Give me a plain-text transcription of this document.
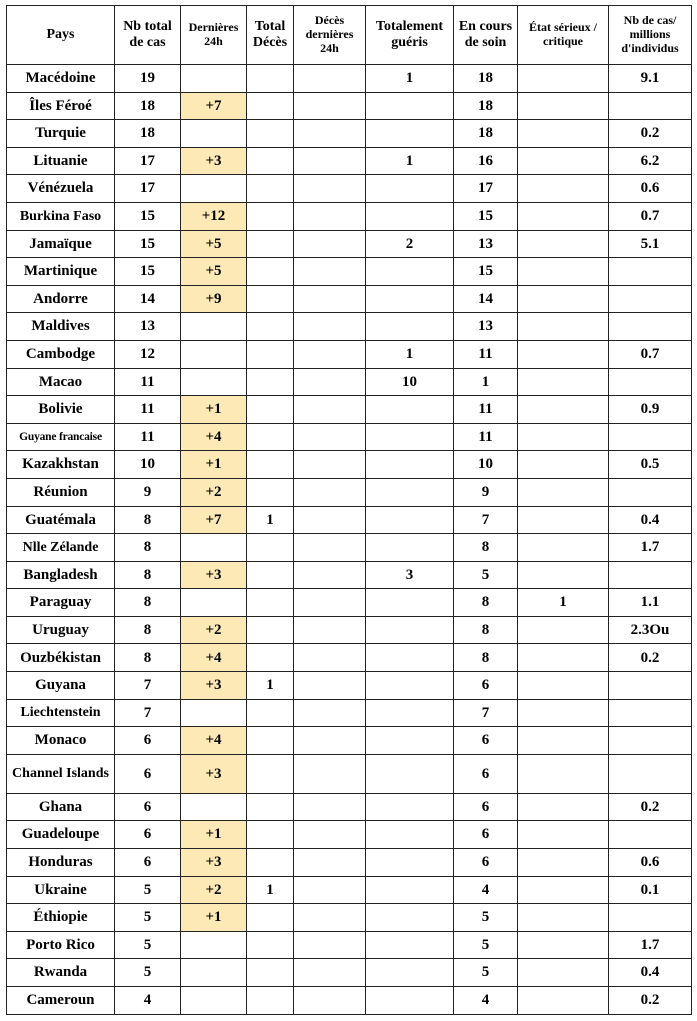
Pays	Nb total de cas	Dernières 24h	Total Décès	Décès dernières 24h	Totalement guéris	En cours de soin	État sérieux / critique	Nb de cas/ millions d'individus
Macédoine	19				1	18		9.1
Îles Féroé	18	+7				18		
Turquie	18					18		0.2
Lituanie	17	+3			1	16		6.2
Vénézuela	17					17		0.6
Burkina Faso	15	+12				15		0.7
Jamaïque	15	+5			2	13		5.1
Martinique	15	+5				15		
Andorre	14	+9				14		
Maldives	13					13		
Cambodge	12				1	11		0.7
Macao	11				10	1		
Bolivie	11	+1				11		0.9
Guyane francaise	11	+4				11		
Kazakhstan	10	+1				10		0.5
Réunion	9	+2				9		
Guatémala	8	+7	1			7		0.4
Nlle Zélande	8					8		1.7
Bangladesh	8	+3			3	5		
Paraguay	8					8	1	1.1
Uruguay	8	+2				8		2.3Ou
Ouzbékistan	8	+4				8		0.2
Guyana	7	+3	1			6		
Liechtenstein	7					7		
Monaco	6	+4				6		
Channel Islands	6	+3				6		
Ghana	6					6		0.2
Guadeloupe	6	+1				6		
Honduras	6	+3				6		0.6
Ukraine	5	+2	1			4		0.1
Éthiopie	5	+1				5		
Porto Rico	5					5		1.7
Rwanda	5					5		0.4
Cameroun	4					4		0.2
